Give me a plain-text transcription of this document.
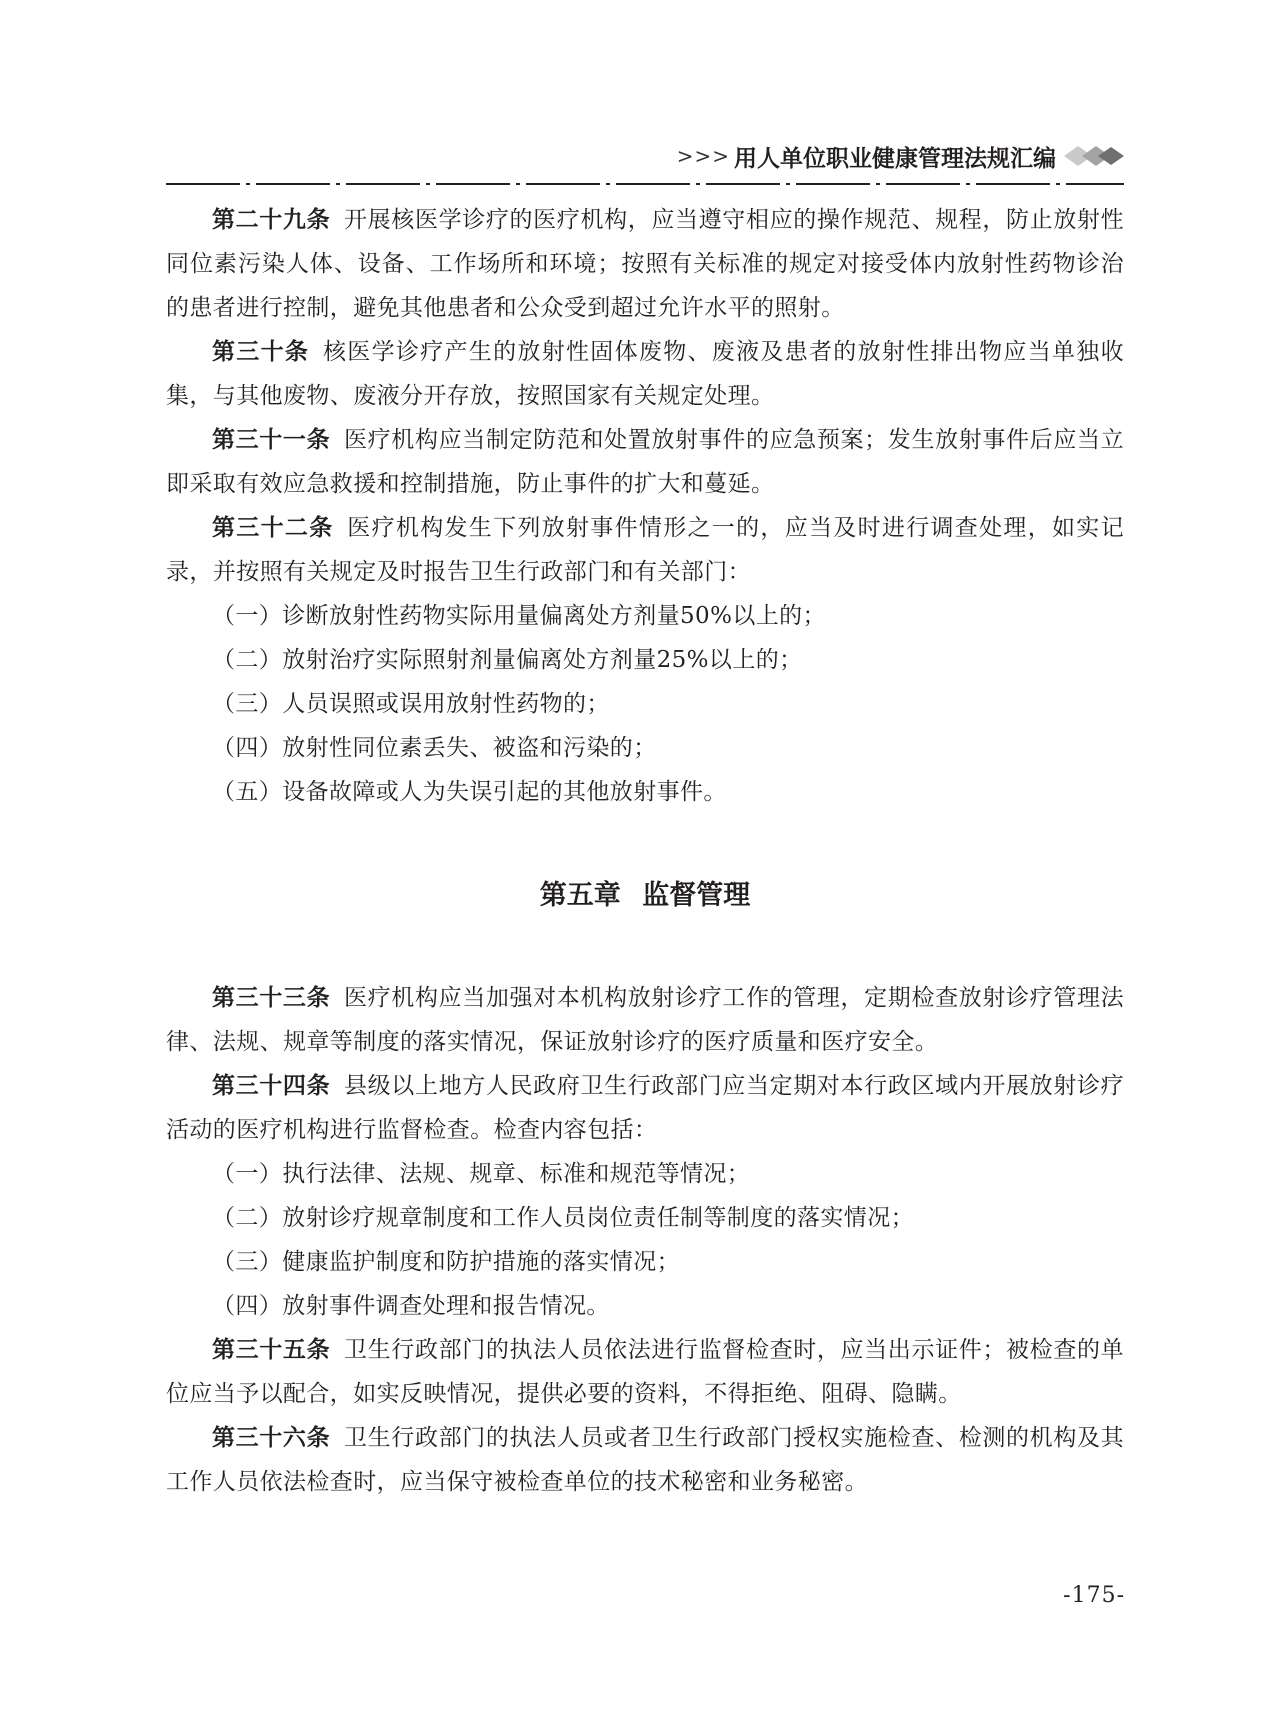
>>> 用人单位职业健康管理法规汇编

第二十九条 开展核医学诊疗的医疗机构，应当遵守相应的操作规范、规程，防止放射性同位素污染人体、设备、工作场所和环境；按照有关标准的规定对接受体内放射性药物诊治的患者进行控制，避免其他患者和公众受到超过允许水平的照射。

第三十条 核医学诊疗产生的放射性固体废物、废液及患者的放射性排出物应当单独收集，与其他废物、废液分开存放，按照国家有关规定处理。

第三十一条 医疗机构应当制定防范和处置放射事件的应急预案；发生放射事件后应当立即采取有效应急救援和控制措施，防止事件的扩大和蔓延。

第三十二条 医疗机构发生下列放射事件情形之一的，应当及时进行调查处理，如实记录，并按照有关规定及时报告卫生行政部门和有关部门：

（一）诊断放射性药物实际用量偏离处方剂量50%以上的；

（二）放射治疗实际照射剂量偏离处方剂量25%以上的；

（三）人员误照或误用放射性药物的；

（四）放射性同位素丢失、被盗和污染的；

（五）设备故障或人为失误引起的其他放射事件。

第五章 监督管理

第三十三条 医疗机构应当加强对本机构放射诊疗工作的管理，定期检查放射诊疗管理法律、法规、规章等制度的落实情况，保证放射诊疗的医疗质量和医疗安全。

第三十四条 县级以上地方人民政府卫生行政部门应当定期对本行政区域内开展放射诊疗活动的医疗机构进行监督检查。检查内容包括：

（一）执行法律、法规、规章、标准和规范等情况；

（二）放射诊疗规章制度和工作人员岗位责任制等制度的落实情况；

（三）健康监护制度和防护措施的落实情况；

（四）放射事件调查处理和报告情况。

第三十五条 卫生行政部门的执法人员依法进行监督检查时，应当出示证件；被检查的单位应当予以配合，如实反映情况，提供必要的资料，不得拒绝、阻碍、隐瞒。

第三十六条 卫生行政部门的执法人员或者卫生行政部门授权实施检查、检测的机构及其工作人员依法检查时，应当保守被检查单位的技术秘密和业务秘密。

-175-
